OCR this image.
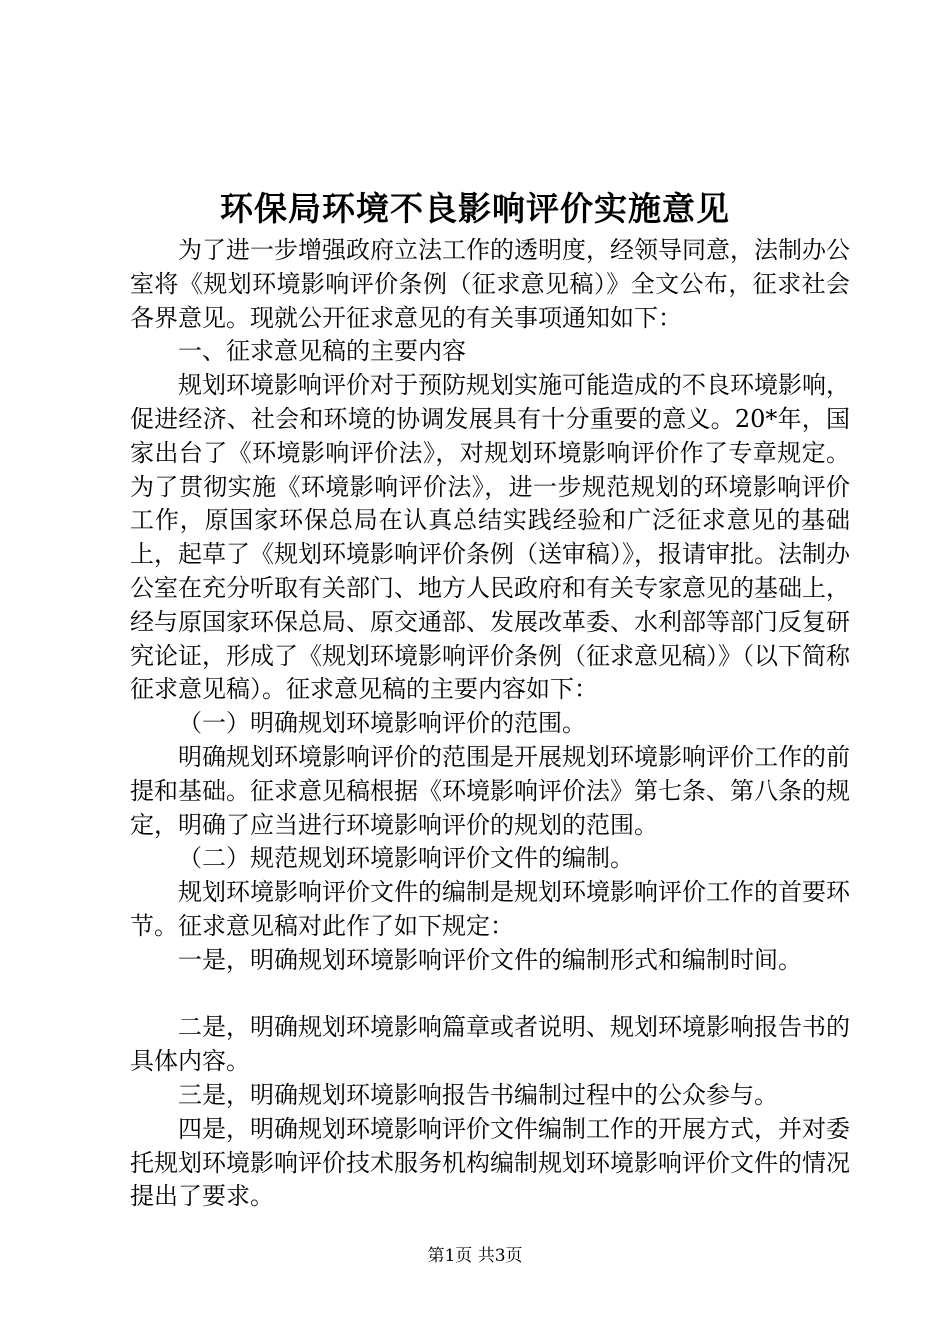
环保局环境不良影响评价实施意见

为了进一步增强政府立法工作的透明度，经领导同意，法制办公室将《规划环境影响评价条例（征求意见稿）》全文公布，征求社会各界意见。现就公开征求意见的有关事项通知如下：

一、征求意见稿的主要内容

规划环境影响评价对于预防规划实施可能造成的不良环境影响，促进经济、社会和环境的协调发展具有十分重要的意义。20*年，国家出台了《环境影响评价法》，对规划环境影响评价作了专章规定。为了贯彻实施《环境影响评价法》，进一步规范规划的环境影响评价工作，原国家环保总局在认真总结实践经验和广泛征求意见的基础上，起草了《规划环境影响评价条例（送审稿）》，报请审批。法制办公室在充分听取有关部门、地方人民政府和有关专家意见的基础上，经与原国家环保总局、原交通部、发展改革委、水利部等部门反复研究论证，形成了《规划环境影响评价条例（征求意见稿）》（以下简称征求意见稿）。征求意见稿的主要内容如下：

（一）明确规划环境影响评价的范围。

明确规划环境影响评价的范围是开展规划环境影响评价工作的前提和基础。征求意见稿根据《环境影响评价法》第七条、第八条的规定，明确了应当进行环境影响评价的规划的范围。

（二）规范规划环境影响评价文件的编制。

规划环境影响评价文件的编制是规划环境影响评价工作的首要环节。征求意见稿对此作了如下规定：

一是，明确规划环境影响评价文件的编制形式和编制时间。

二是，明确规划环境影响篇章或者说明、规划环境影响报告书的具体内容。

三是，明确规划环境影响报告书编制过程中的公众参与。

四是，明确规划环境影响评价文件编制工作的开展方式，并对委托规划环境影响评价技术服务机构编制规划环境影响评价文件的情况提出了要求。

第1页 共3页
